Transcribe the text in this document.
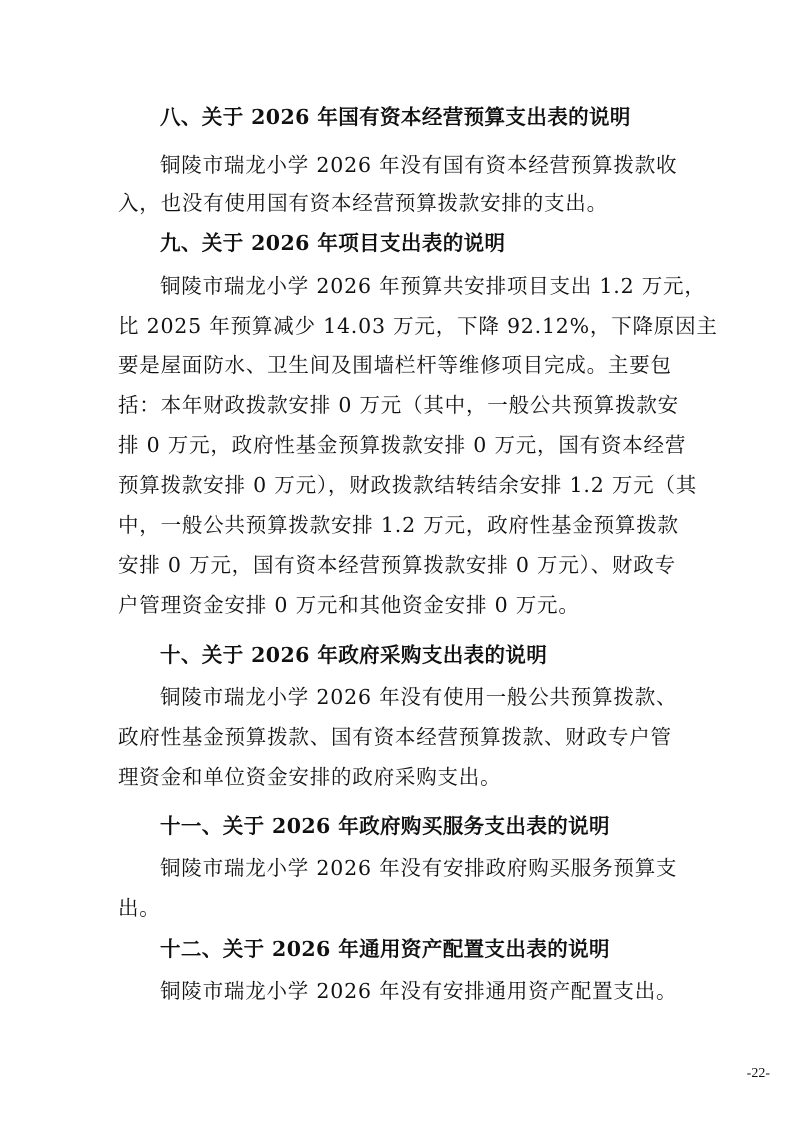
八、关于 2026 年国有资本经营预算支出表的说明
铜陵市瑞龙小学 2026 年没有国有资本经营预算拨款收
入，也没有使用国有资本经营预算拨款安排的支出。
九、关于 2026 年项目支出表的说明
铜陵市瑞龙小学 2026 年预算共安排项目支出 1.2 万元，
比 2025 年预算减少 14.03 万元，下降 92.12%，下降原因主
要是屋面防水、卫生间及围墙栏杆等维修项目完成。主要包
括：本年财政拨款安排 0 万元（其中，一般公共预算拨款安
排 0 万元，政府性基金预算拨款安排 0 万元，国有资本经营
预算拨款安排 0 万元），财政拨款结转结余安排 1.2 万元（其
中，一般公共预算拨款安排 1.2 万元，政府性基金预算拨款
安排 0 万元，国有资本经营预算拨款安排 0 万元）、财政专
户管理资金安排 0 万元和其他资金安排 0 万元。
十、关于 2026 年政府采购支出表的说明
铜陵市瑞龙小学 2026 年没有使用一般公共预算拨款、
政府性基金预算拨款、国有资本经营预算拨款、财政专户管
理资金和单位资金安排的政府采购支出。
十一、关于 2026 年政府购买服务支出表的说明
铜陵市瑞龙小学 2026 年没有安排政府购买服务预算支
出。
十二、关于 2026 年通用资产配置支出表的说明
铜陵市瑞龙小学 2026 年没有安排通用资产配置支出。
-22-
